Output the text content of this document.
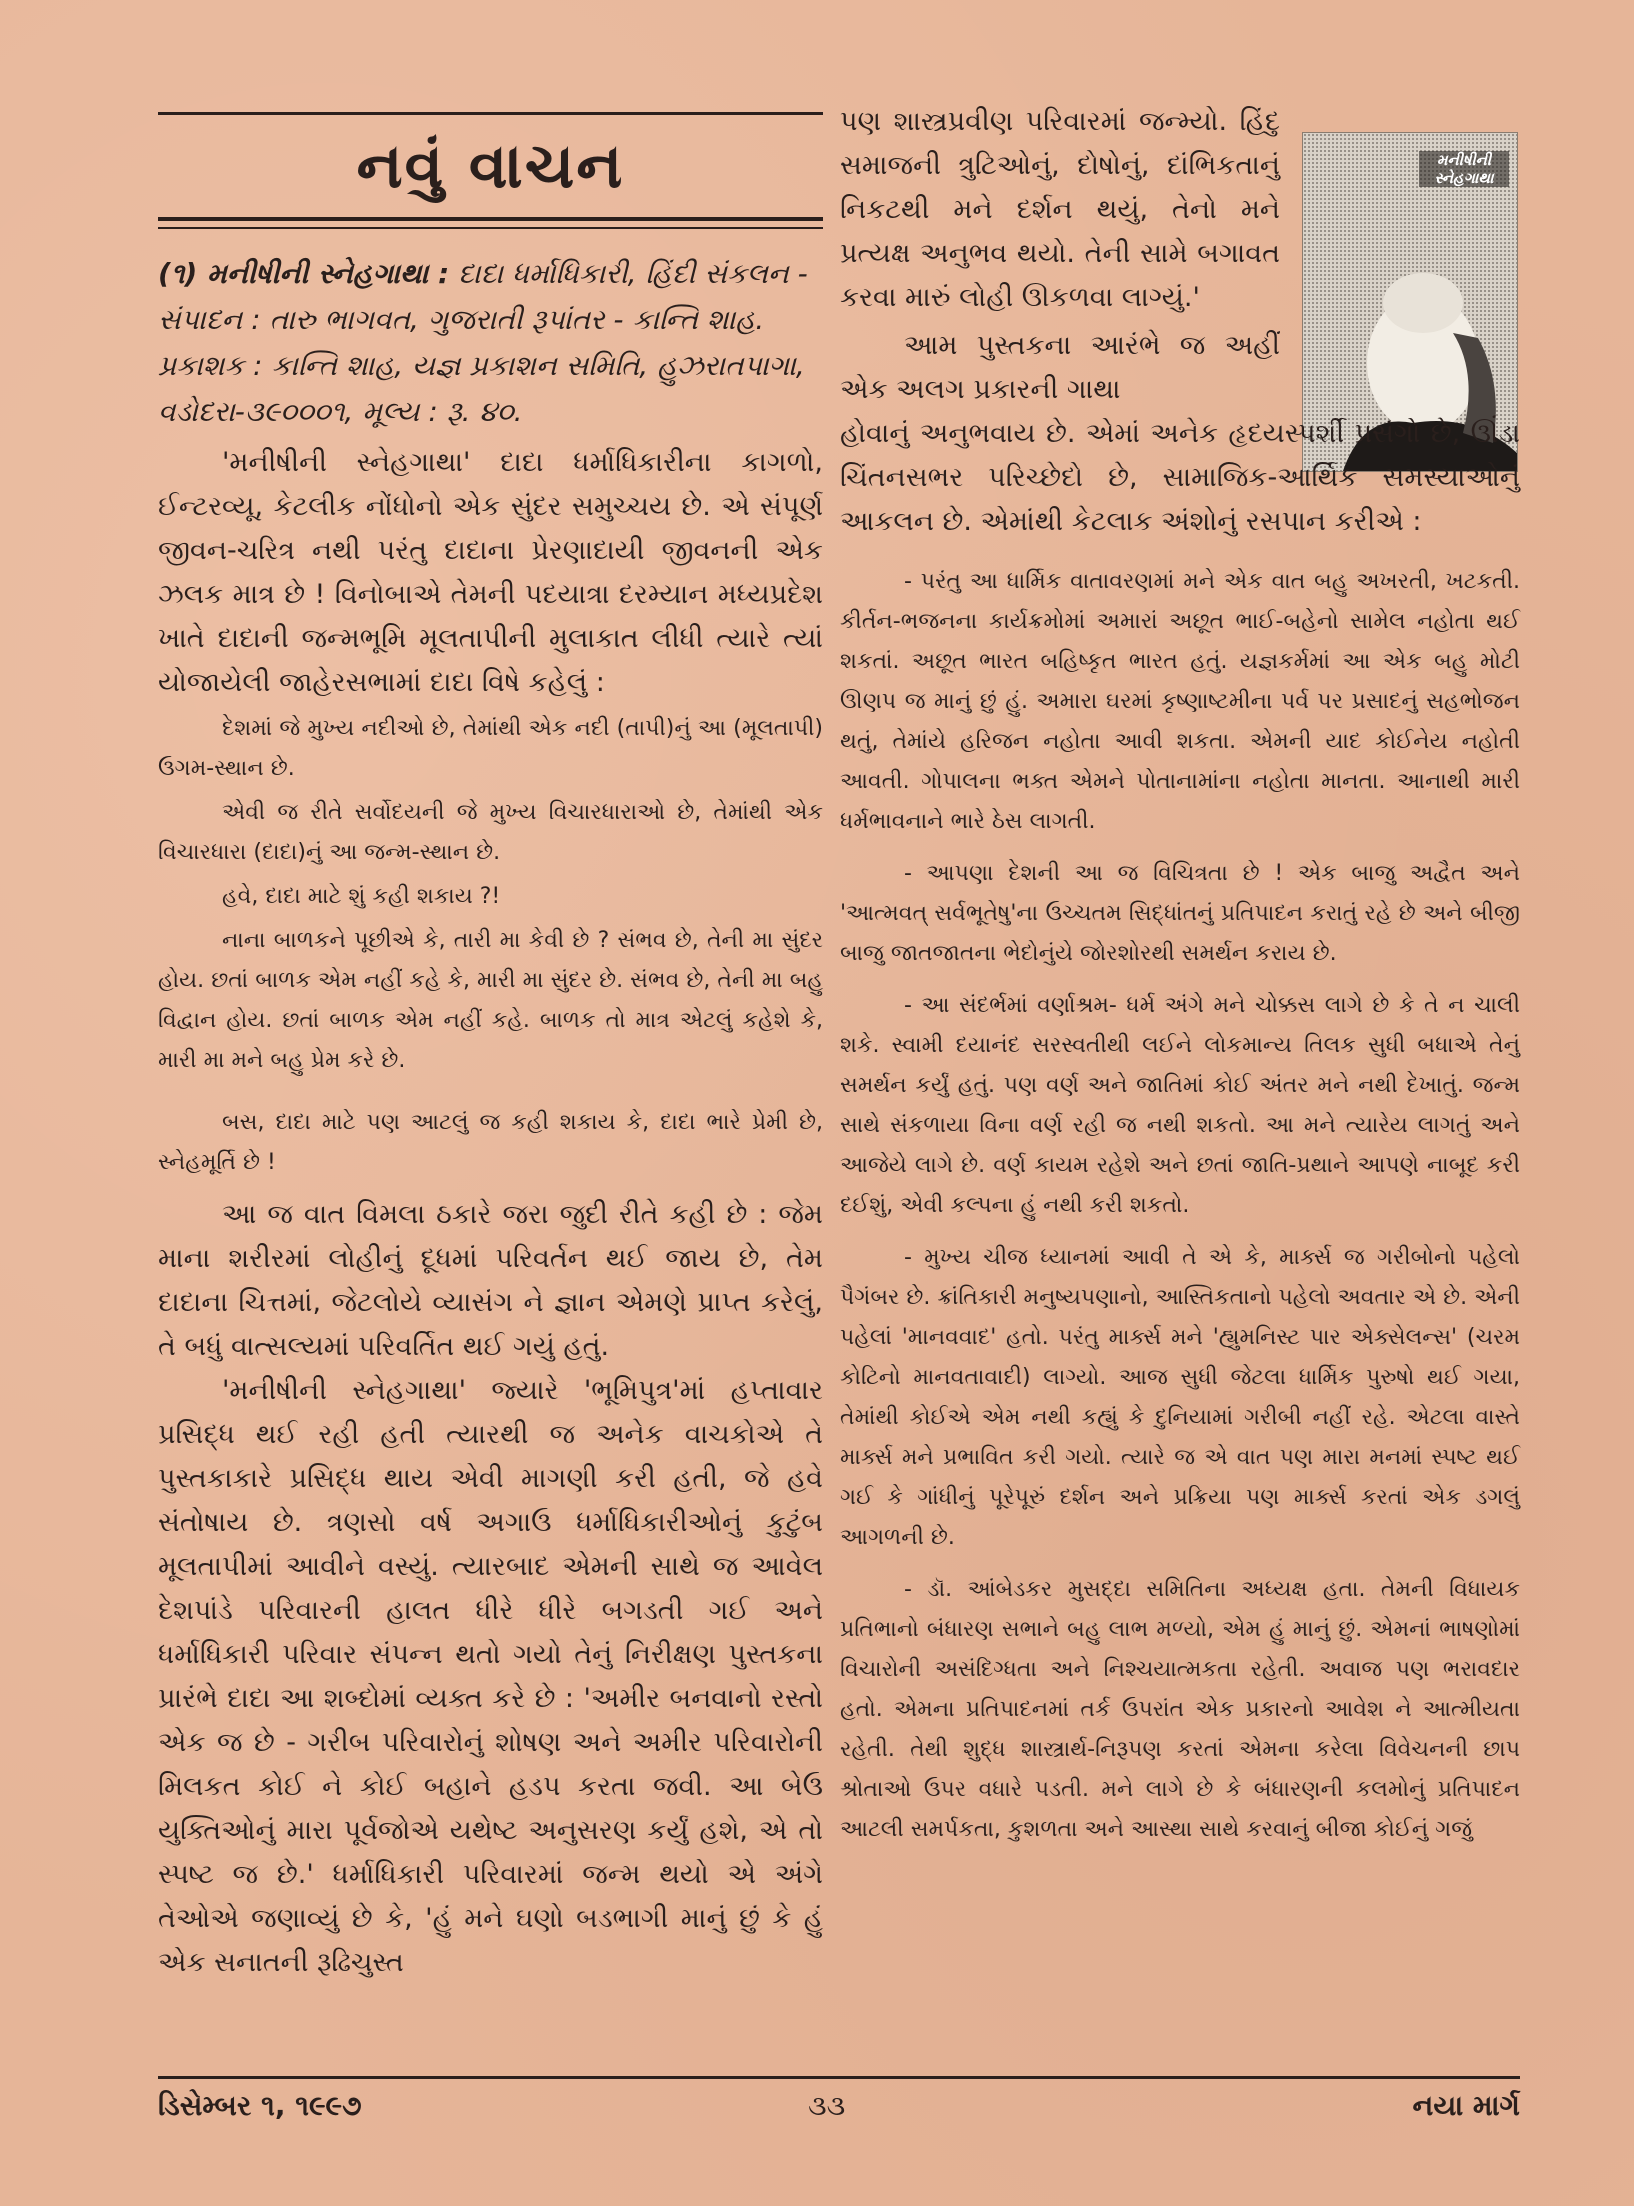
નવું વાચન

(૧) મનીષીની સ્નેહગાથા : દાદા ધર્માધિકારી, હિંદી સંકલન - સંપાદન : તારુ ભાગવત, ગુજરાતી રૂપાંતર - કાન્તિ શાહ. પ્રકાશક : કાન્તિ શાહ, યજ્ઞ પ્રકાશન સમિતિ, હુઝરાતપાગા, વડોદરા-૩૯૦૦૦૧, મૂલ્ય : રૂ. ૪૦.

'મનીષીની સ્નેહગાથા' દાદા ધર્માધિકારીના કાગળો, ઈન્ટરવ્યૂ, કેટલીક નોંધોનો એક સુંદર સમુચ્ચય છે. એ સંપૂર્ણ જીવન-ચરિત્ર નથી પરંતુ દાદાના પ્રેરણાદાયી જીવનની એક ઝલક માત્ર છે ! વિનોબાએ તેમની પદયાત્રા દરમ્યાન મધ્યપ્રદેશ ખાતે દાદાની જન્મભૂમિ મૂલતાપીની મુલાકાત લીધી ત્યારે ત્યાં યોજાયેલી જાહેરસભામાં દાદા વિષે કહેલું :

દેશમાં જે મુખ્ય નદીઓ છે, તેમાંથી એક નદી (તાપી)નું આ (મૂલતાપી) ઉગમ-સ્થાન છે.

એવી જ રીતે સર્વોદયની જે મુખ્ય વિચારધારાઓ છે, તેમાંથી એક વિચારધારા (દાદા)નું આ જન્મ-સ્થાન છે.

હવે, દાદા માટે શું કહી શકાય ?!

નાના બાળકને પૂછીએ કે, તારી મા કેવી છે ? સંભવ છે, તેની મા સુંદર હોય. છતાં બાળક એમ નહીં કહે કે, મારી મા સુંદર છે. સંભવ છે, તેની મા બહુ વિદ્વાન હોય. છતાં બાળક એમ નહીં કહે. બાળક તો માત્ર એટલું કહેશે કે, મારી મા મને બહુ પ્રેમ કરે છે.

બસ, દાદા માટે પણ આટલું જ કહી શકાય કે, દાદા ભારે પ્રેમી છે, સ્નેહમૂર્તિ છે !

આ જ વાત વિમલા ઠકારે જરા જુદી રીતે કહી છે : જેમ માના શરીરમાં લોહીનું દૂધમાં પરિવર્તન થઈ જાય છે, તેમ દાદાના ચિત્તમાં, જેટલોયે વ્યાસંગ ને જ્ઞાન એમણે પ્રાપ્ત કરેલું, તે બધું વાત્સલ્યમાં પરિવર્તિત થઈ ગયું હતું.

'મનીષીની સ્નેહગાથા' જ્યારે 'ભૂમિપુત્ર'માં હપ્તાવાર પ્રસિદ્ધ થઈ રહી હતી ત્યારથી જ અનેક વાચકોએ તે પુસ્તકાકારે પ્રસિદ્ધ થાય એવી માગણી કરી હતી, જે હવે સંતોષાય છે. ત્રણસો વર્ષ અગાઉ ધર્માધિકારીઓનું કુટુંબ મૂલતાપીમાં આવીને વસ્યું. ત્યારબાદ એમની સાથે જ આવેલ દેશપાંડે પરિવારની હાલત ધીરે ધીરે બગડતી ગઈ અને ધર્માધિકારી પરિવાર સંપન્ન થતો ગયો તેનું નિરીક્ષણ પુસ્તકના પ્રારંભે દાદા આ શબ્દોમાં વ્યક્ત કરે છે : 'અમીર બનવાનો રસ્તો એક જ છે - ગરીબ પરિવારોનું શોષણ અને અમીર પરિવારોની મિલકત કોઈ ને કોઈ બહાને હડપ કરતા જવી. આ બેઉ યુક્તિઓનું મારા પૂર્વજોએ યથેષ્ટ અનુસરણ કર્યું હશે, એ તો સ્પષ્ટ જ છે.' ધર્માધિકારી પરિવારમાં જન્મ થયો એ અંગે તેઓએ જણાવ્યું છે કે, 'હું મને ઘણો બડભાગી માનું છું કે હું એક સનાતની રૂઢિચુસ્ત

મનીષીની સ્નેહગાથા

પણ શાસ્ત્રપ્રવીણ પરિવારમાં જન્મ્યો. હિંદુ સમાજની ત્રુટિઓનું, દોષોનું, દાંભિકતાનું નિકટથી મને દર્શન થયું, તેનો મને પ્રત્યક્ષ અનુભવ થયો. તેની સામે બગાવત કરવા મારું લોહી ઊકળવા લાગ્યું.'

આમ પુસ્તકના આરંભે જ અહીં એક અલગ પ્રકારની ગાથા

હોવાનું અનુભવાય છે. એમાં અનેક હૃદયસ્પર્શી પ્રસંગો છે, ઊંડા ચિંતનસભર પરિચ્છેદો છે, સામાજિક-આર્થિક સમસ્યાઓનું આકલન છે. એમાંથી કેટલાક અંશોનું રસપાન કરીએ :

- પરંતુ આ ધાર્મિક વાતાવરણમાં મને એક વાત બહુ અખરતી, ખટકતી. કીર્તન-ભજનના કાર્યક્રમોમાં અમારાં અછૂત ભાઈ-બહેનો સામેલ નહોતા થઈ શકતાં. અછૂત ભારત બહિષ્કૃત ભારત હતું. યજ્ઞકર્મમાં આ એક બહુ મોટી ઊણપ જ માનું છું હું. અમારા ઘરમાં કૃષ્ણાષ્ટમીના પર્વ પર પ્રસાદનું સહભોજન થતું, તેમાંયે હરિજન નહોતા આવી શકતા. એમની યાદ કોઈનેય નહોતી આવતી. ગોપાલના ભક્ત એમને પોતાનામાંના નહોતા માનતા. આનાથી મારી ધર્મભાવનાને ભારે ઠેસ લાગતી.

- આપણા દેશની આ જ વિચિત્રતા છે ! એક બાજુ અદ્વૈત અને 'આત્મવત્ સર્વભૂતેષુ'ના ઉચ્ચતમ સિદ્ધાંતનું પ્રતિપાદન કરાતું રહે છે અને બીજી બાજુ જાતજાતના ભેદોનુંયે જોરશોરથી સમર્થન કરાય છે.

- આ સંદર્ભમાં વર્ણાશ્રમ- ધર્મ અંગે મને ચોક્કસ લાગે છે કે તે ન ચાલી શકે. સ્વામી દયાનંદ સરસ્વતીથી લઈને લોકમાન્ય તિલક સુધી બધાએ તેનું સમર્થન કર્યું હતું. પણ વર્ણ અને જાતિમાં કોઈ અંતર મને નથી દેખાતું. જન્મ સાથે સંકળાયા વિના વર્ણ રહી જ નથી શકતો. આ મને ત્યારેય લાગતું અને આજેયે લાગે છે. વર્ણ કાયમ રહેશે અને છતાં જાતિ-પ્રથાને આપણે નાબૂદ કરી દઈશું, એવી કલ્પના હું નથી કરી શકતો.

- મુખ્ય ચીજ ધ્યાનમાં આવી તે એ કે, માર્ક્સ જ ગરીબોનો પહેલો પૈગંબર છે. ક્રાંતિકારી મનુષ્યપણાનો, આસ્તિકતાનો પહેલો અવતાર એ છે. એની પહેલાં 'માનવવાદ' હતો. પરંતુ માર્ક્સ મને 'હ્યુમનિસ્ટ પાર એક્સેલન્સ' (ચરમ કોટિનો માનવતાવાદી) લાગ્યો. આજ સુધી જેટલા ધાર્મિક પુરુષો થઈ ગયા, તેમાંથી કોઈએ એમ નથી કહ્યું કે દુનિયામાં ગરીબી નહીં રહે. એટલા વાસ્તે માર્ક્સ મને પ્રભાવિત કરી ગયો. ત્યારે જ એ વાત પણ મારા મનમાં સ્પષ્ટ થઈ ગઈ કે ગાંધીનું પૂરેપૂરું દર્શન અને પ્રક્રિયા પણ માર્ક્સ કરતાં એક ડગલું આગળની છે.

- ડૉ. આંબેડકર મુસદ્દા સમિતિના અધ્યક્ષ હતા. તેમની વિધાયક પ્રતિભાનો બંધારણ સભાને બહુ લાભ મળ્યો, એમ હું માનું છું. એમનાં ભાષણોમાં વિચારોની અસંદિગ્ધતા અને નિશ્ચયાત્મકતા રહેતી. અવાજ પણ ભરાવદાર હતો. એમના પ્રતિપાદનમાં તર્ક ઉપરાંત એક પ્રકારનો આવેશ ને આત્મીયતા રહેતી. તેથી શુદ્ધ શાસ્ત્રાર્થ-નિરૂપણ કરતાં એમના કરેલા વિવેચનની છાપ શ્રોતાઓ ઉપર વધારે પડતી. મને લાગે છે કે બંધારણની કલમોનું પ્રતિપાદન આટલી સમર્પકતા, કુશળતા અને આસ્થા સાથે કરવાનું બીજા કોઈનું ગજું

ડિસેમ્બર ૧, ૧૯૯૭	૩૩	નયા માર્ગ
